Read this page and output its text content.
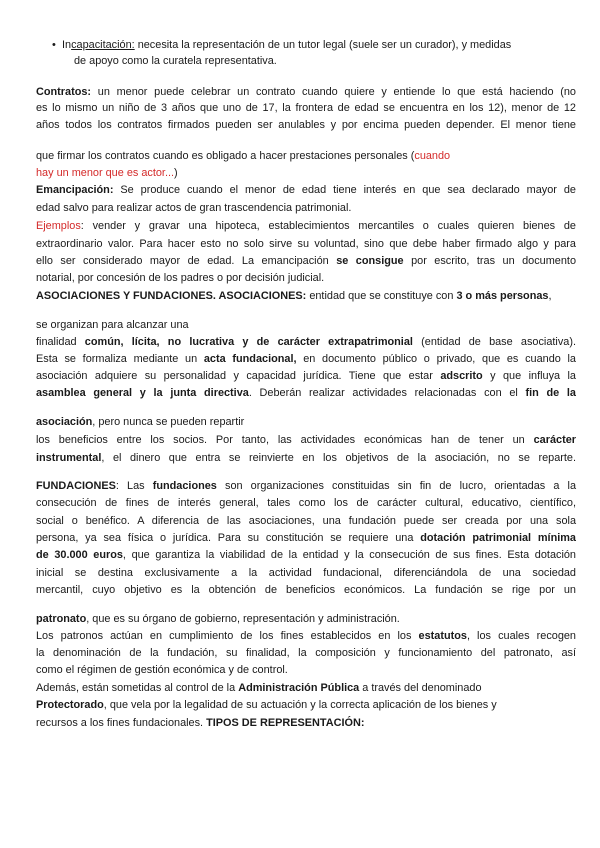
• Incapacitación: necesita la representación de un tutor legal (suele ser un curador), y medidas
de apoyo como la curatela representativa.
Contratos: un menor puede celebrar un contrato cuando quiere y entiende lo que está haciendo (no
es lo mismo un niño de 3 años que uno de 17, la frontera de edad se encuentra en los 12), menor de 12
años todos los contratos firmados pueden ser anulables y por encima pueden depender. El menor tiene
que firmar los contratos cuando es obligado a hacer prestaciones personales (cuando
hay un menor que es actor...)
Emancipación: Se produce cuando el menor de edad tiene interés en que sea declarado mayor de
edad salvo para realizar actos de gran trascendencia patrimonial.
Ejemplos: vender y gravar una hipoteca, establecimientos mercantiles o cuales quieren bienes de
extraordinario valor. Para hacer esto no solo sirve su voluntad, sino que debe haber firmado algo y para
ello ser considerado mayor de edad. La emancipación se consigue por escrito, tras un documento
notarial, por concesión de los padres o por decisión judicial.
ASOCIACIONES Y FUNDACIONES. ASOCIACIONES: entidad que se constituye con 3 o más personas,
se organizan para alcanzar una
finalidad común, lícita, no lucrativa y de carácter extrapatrimonial (entidad de base asociativa).
Esta se formaliza mediante un acta fundacional, en documento público o privado, que es cuando la
asociación adquiere su personalidad y capacidad jurídica. Tiene que estar adscrito y que influya la
asamblea general y la junta directiva. Deberán realizar actividades relacionadas con el fin de la
asociación, pero nunca se pueden repartir
los beneficios entre los socios. Por tanto, las actividades económicas han de tener un carácter
instrumental, el dinero que entra se reinvierte en los objetivos de la asociación, no se reparte.
FUNDACIONES: Las fundaciones son organizaciones constituidas sin fin de lucro, orientadas a la
consecución de fines de interés general, tales como los de carácter cultural, educativo, científico,
social o benéfico. A diferencia de las asociaciones, una fundación puede ser creada por una sola
persona, ya sea física o jurídica. Para su constitución se requiere una dotación patrimonial mínima
de 30.000 euros, que garantiza la viabilidad de la entidad y la consecución de sus fines. Esta dotación
inicial se destina exclusivamente a la actividad fundacional, diferenciándola de una sociedad
mercantil, cuyo objetivo es la obtención de beneficios económicos. La fundación se rige por un
patronato, que es su órgano de gobierno, representación y administración.
Los patronos actúan en cumplimiento de los fines establecidos en los estatutos, los cuales recogen
la denominación de la fundación, su finalidad, la composición y funcionamiento del patronato, así
como el régimen de gestión económica y de control.
Además, están sometidas al control de la Administración Pública a través del denominado
Protectorado, que vela por la legalidad de su actuación y la correcta aplicación de los bienes y
recursos a los fines fundacionales. TIPOS DE REPRESENTACIÓN:
